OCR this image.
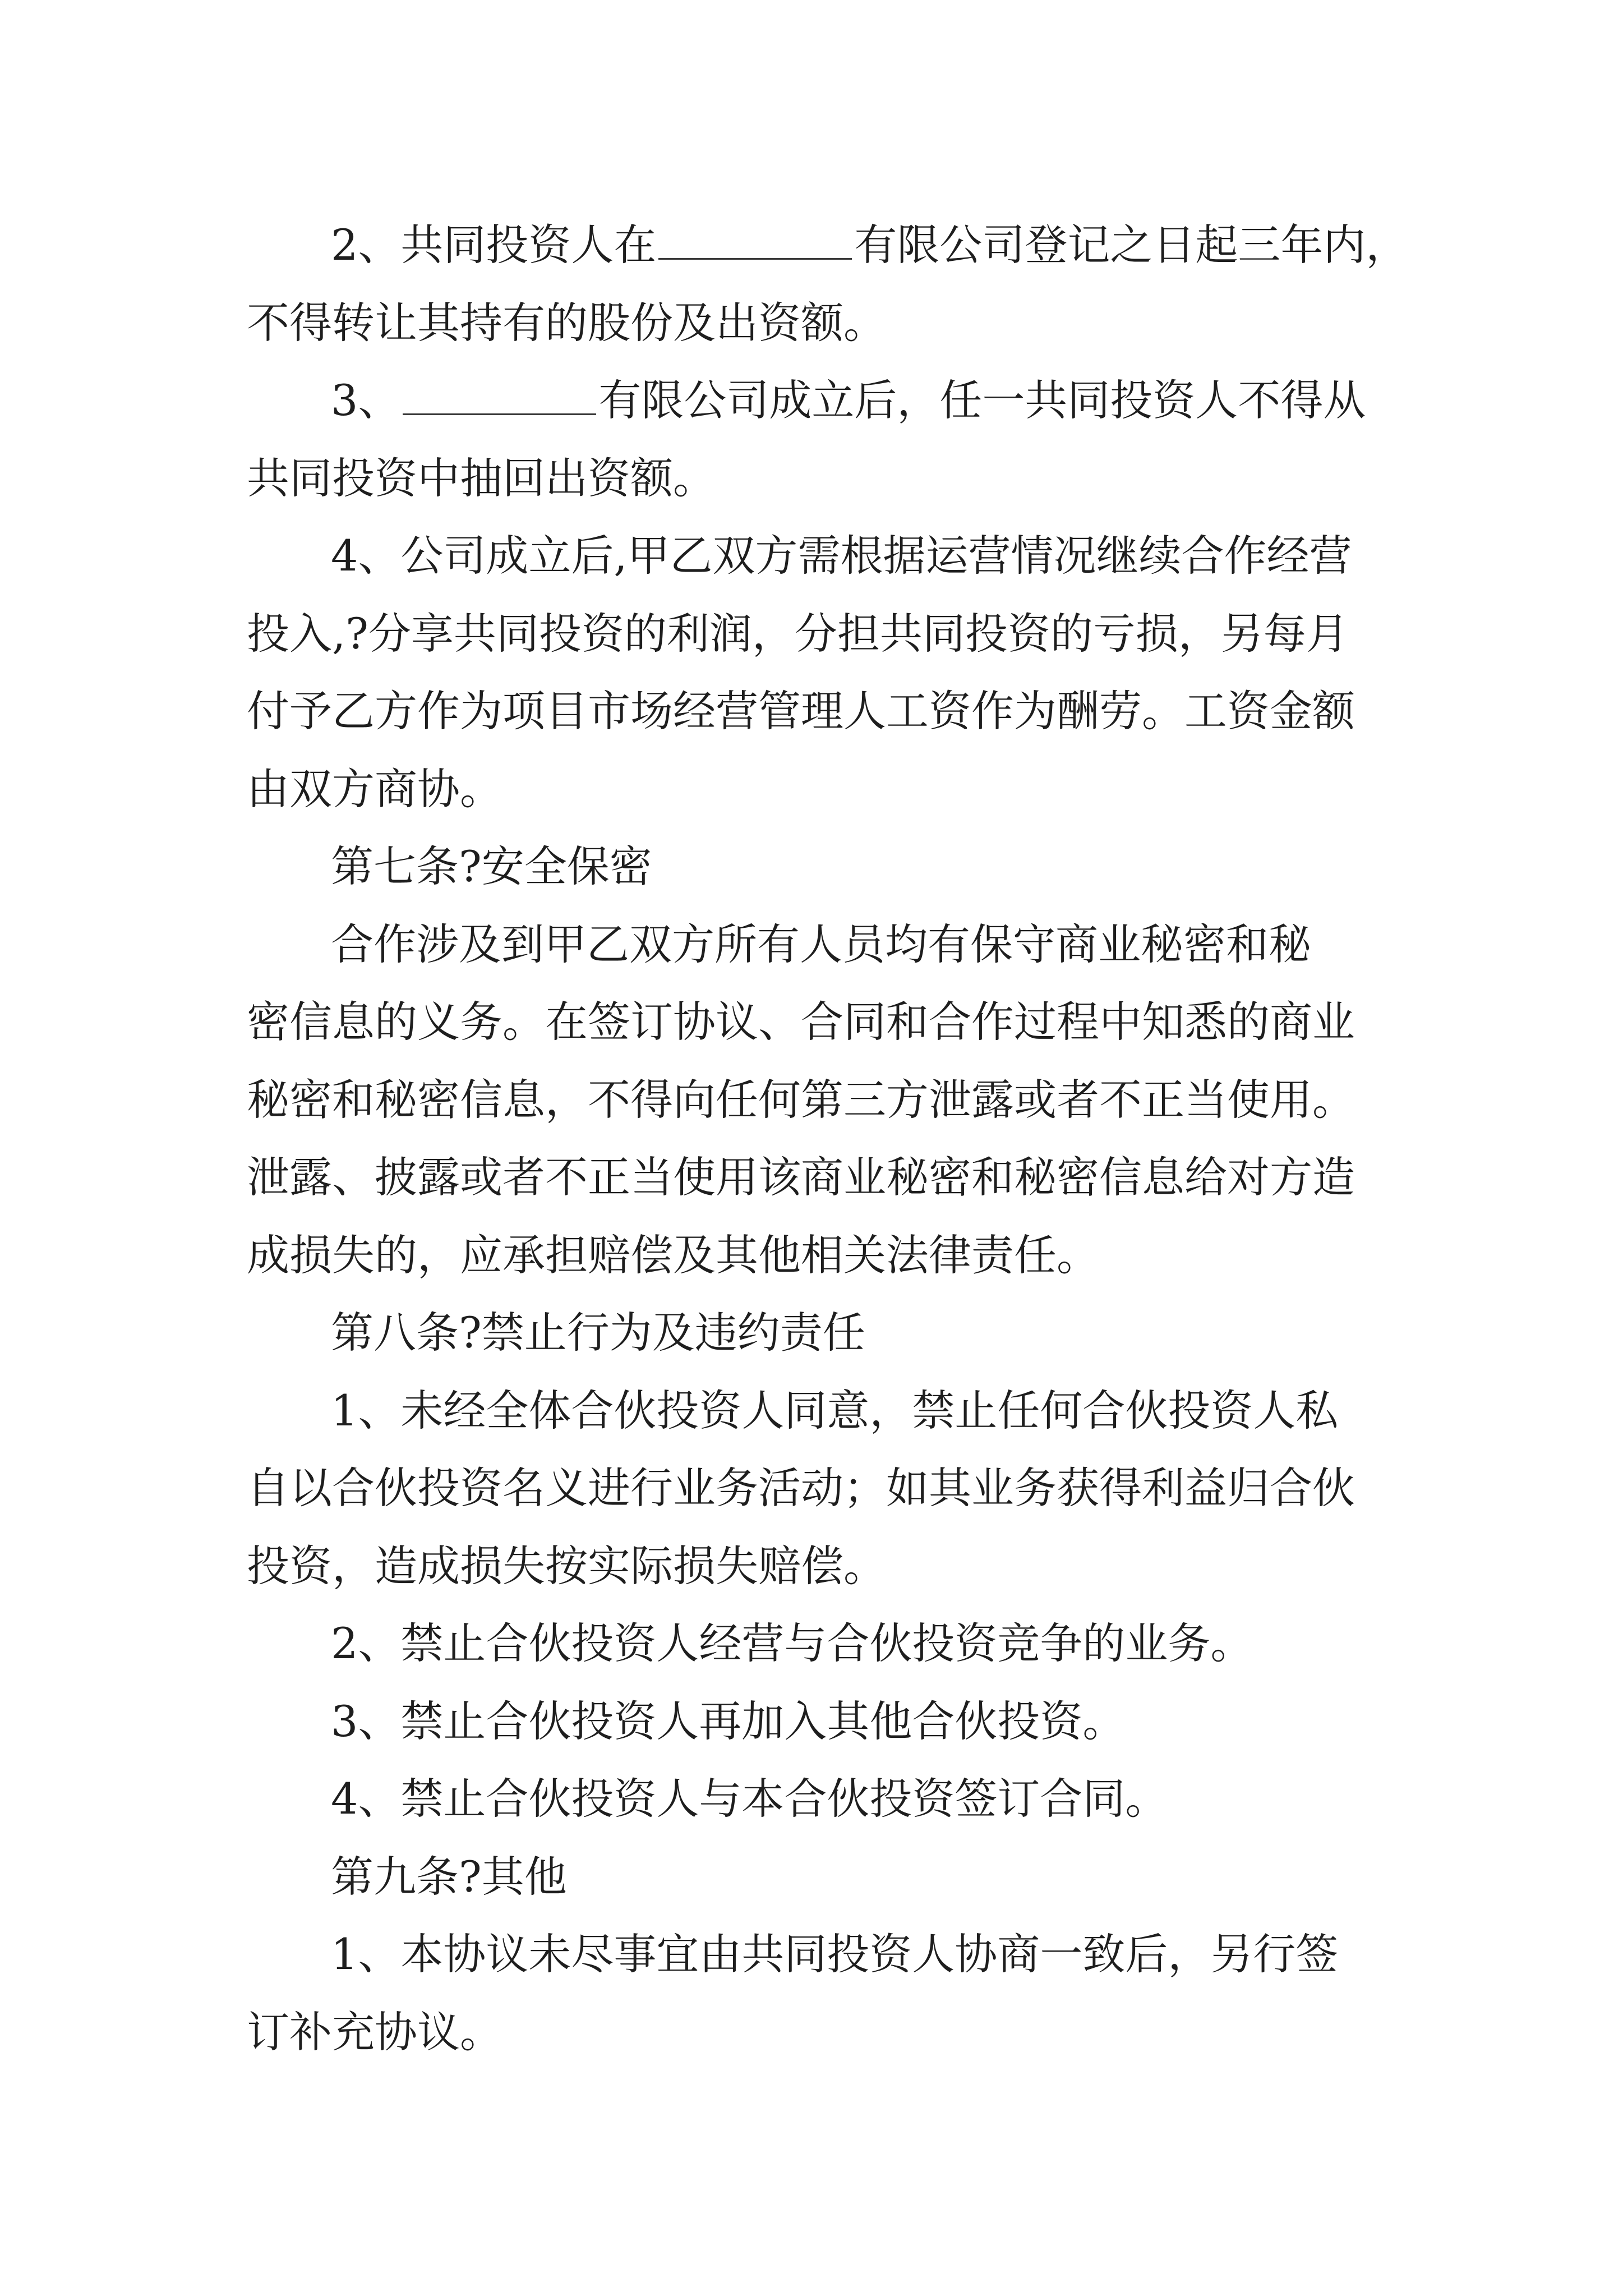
2、共同投资人在	有限公司登记之日起三年内，

不得转让其持有的股份及出资额。

3、	有限公司成立后，任一共同投资人不得从

共同投资中抽回出资额。

4、公司成立后,甲乙双方需根据运营情况继续合作经营

投入,?分享共同投资的利润，分担共同投资的亏损，另每月

付予乙方作为项目市场经营管理人工资作为酬劳。工资金额

由双方商协。

第七条?安全保密

合作涉及到甲乙双方所有人员均有保守商业秘密和秘

密信息的义务。在签订协议、合同和合作过程中知悉的商业

秘密和秘密信息，不得向任何第三方泄露或者不正当使用。

泄露、披露或者不正当使用该商业秘密和秘密信息给对方造

成损失的，应承担赔偿及其他相关法律责任。

第八条?禁止行为及违约责任

1、未经全体合伙投资人同意，禁止任何合伙投资人私

自以合伙投资名义进行业务活动；如其业务获得利益归合伙

投资，造成损失按实际损失赔偿。

2、禁止合伙投资人经营与合伙投资竞争的业务。

3、禁止合伙投资人再加入其他合伙投资。

4、禁止合伙投资人与本合伙投资签订合同。

第九条?其他

1、本协议未尽事宜由共同投资人协商一致后，另行签

订补充协议。
